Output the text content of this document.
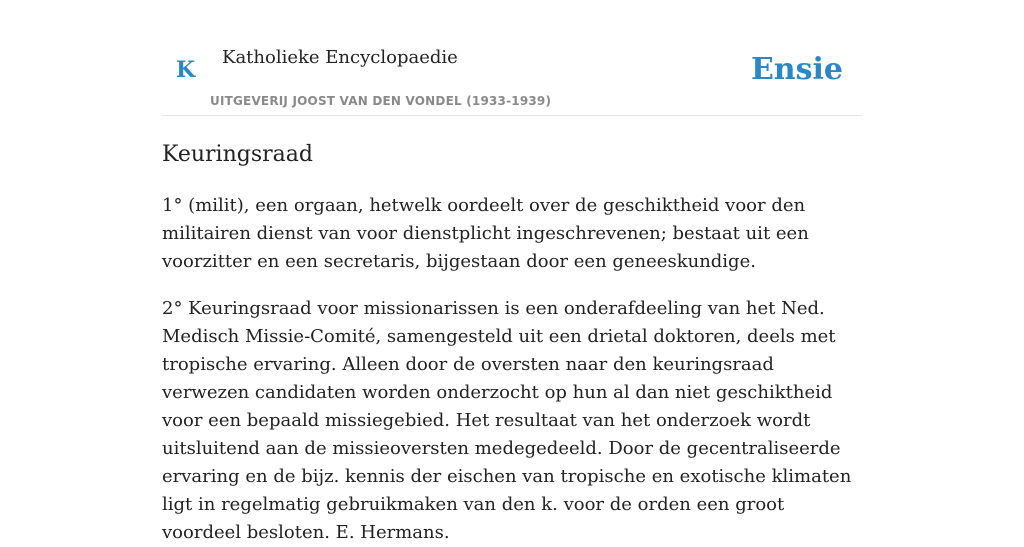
K Katholieke Encyclopaedie
UITGEVERIJ JOOST VAN DEN VONDEL (1933-1939)
Ensie
Keuringsraad

1° (milit), een orgaan, hetwelk oordeelt over de geschiktheid voor den militairen dienst van voor dienstplicht ingeschrevenen; bestaat uit een voorzitter en een secretaris, bijgestaan door een geneeskundige.

2° Keuringsraad voor missionarissen is een onderafdeeling van het Ned. Medisch Missie-Comité, samengesteld uit een drietal doktoren, deels met tropische ervaring. Alleen door de oversten naar den keuringsraad verwezen candidaten worden onderzocht op hun al dan niet geschiktheid voor een bepaald missiegebied. Het resultaat van het onderzoek wordt uitsluitend aan de missieoversten medegedeeld. Door de gecentraliseerde ervaring en de bijz. kennis der eischen van tropische en exotische klimaten ligt in regelmatig gebruikmaken van den k. voor de orden een groot voordeel besloten. E. Hermans.
